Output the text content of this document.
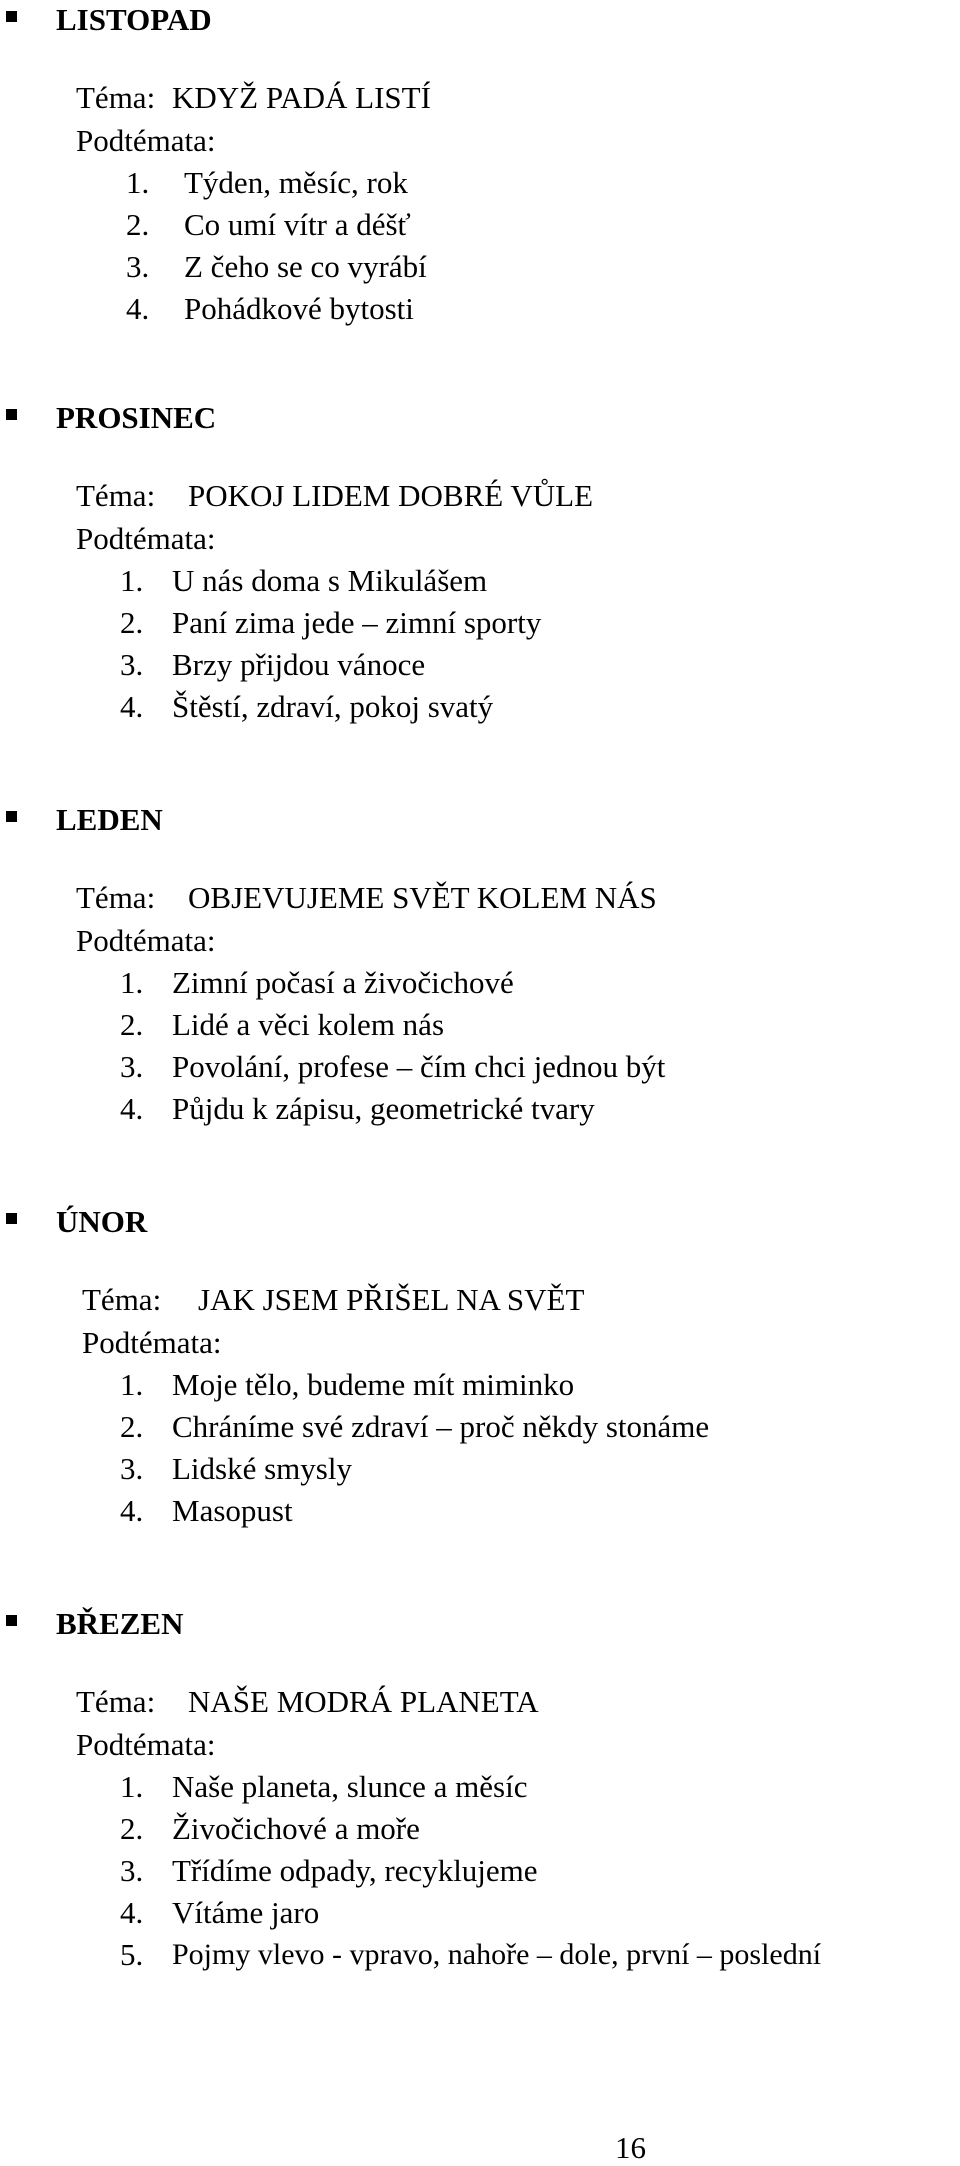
LISTOPAD
Téma: KDYŽ PADÁ LISTÍ
Podtémata:
1. Týden, měsíc, rok
2. Co umí vítr a déšť
3. Z čeho se co vyrábí
4. Pohádkové bytosti
PROSINEC
Téma: POKOJ LIDEM DOBRÉ VŮLE
Podtémata:
1. U nás doma s Mikulášem
2. Paní zima jede – zimní sporty
3. Brzy přijdou vánoce
4. Štěstí, zdraví, pokoj svatý
LEDEN
Téma: OBJEVUJEME SVĚT KOLEM NÁS
Podtémata:
1. Zimní počasí a živočichové
2. Lidé a věci kolem nás
3. Povolání, profese – čím chci jednou být
4. Půjdu k zápisu, geometrické tvary
ÚNOR
Téma: JAK JSEM PŘIŠEL NA SVĚT
Podtémata:
1. Moje tělo, budeme mít miminko
2. Chráníme své zdraví – proč někdy stonáme
3. Lidské smysly
4. Masopust
BŘEZEN
Téma: NAŠE MODRÁ PLANETA
Podtémata:
1. Naše planeta, slunce a měsíc
2. Živočichové a moře
3. Třídíme odpady, recyklujeme
4. Vítáme jaro
5. Pojmy vlevo - vpravo, nahoře – dole, první – poslední
16
